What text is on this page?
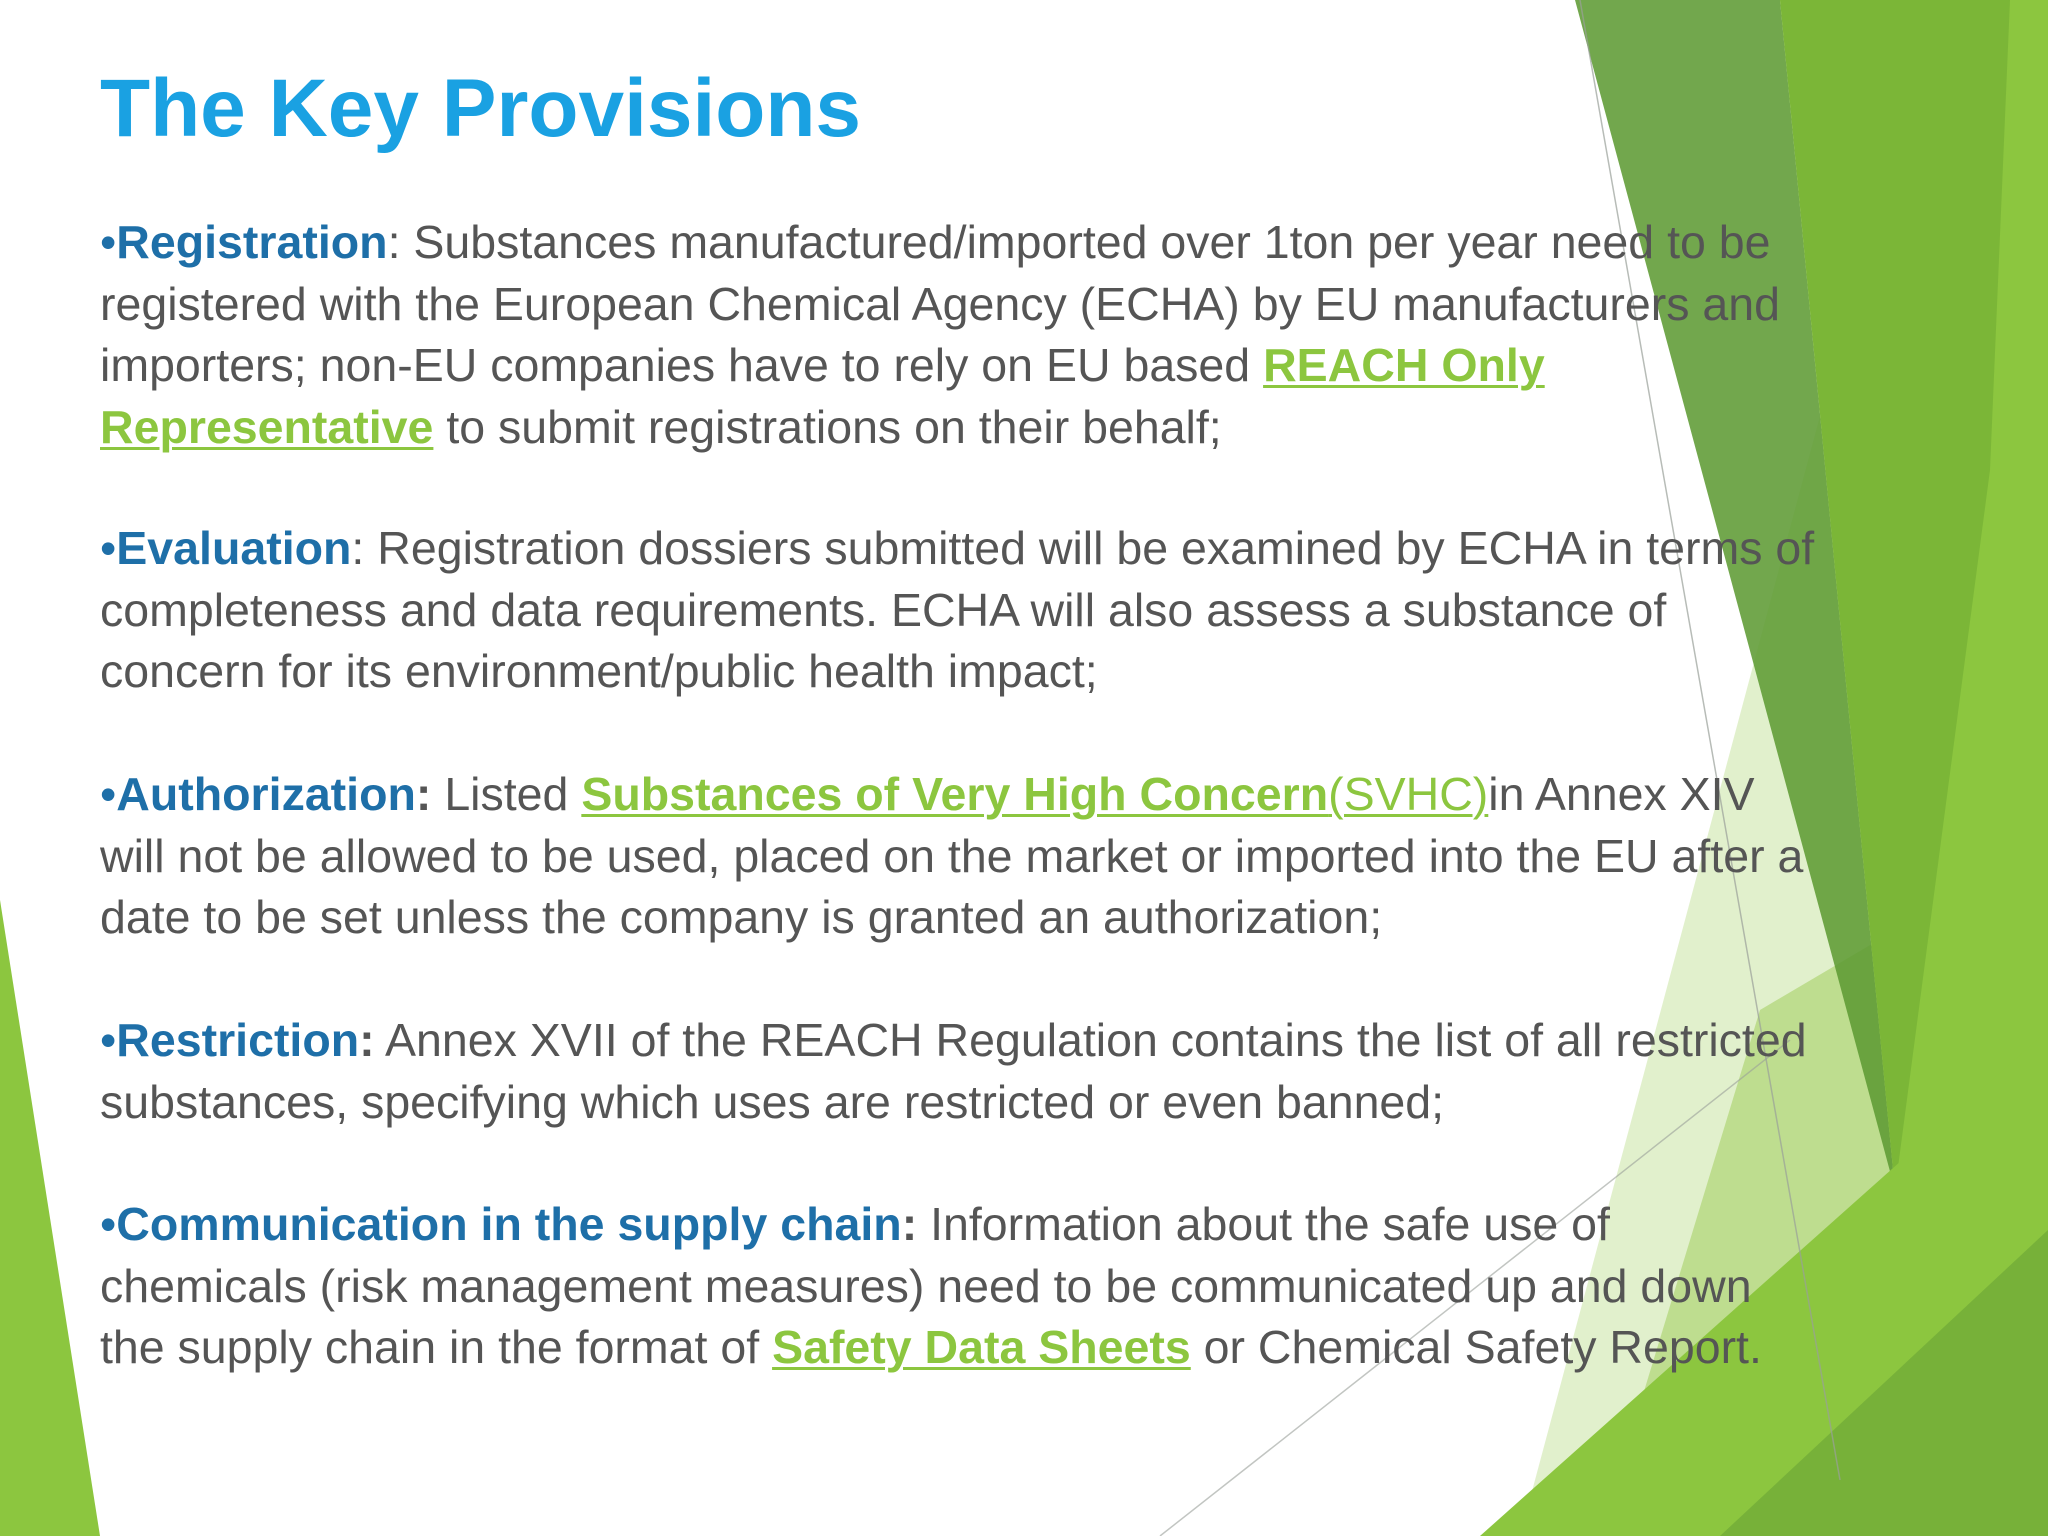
The Key Provisions

•Registration: Substances manufactured/imported over 1ton per year need to be
registered with the European Chemical Agency (ECHA) by EU manufacturers and
importers; non-EU companies have to rely on EU based REACH Only
Representative to submit registrations on their behalf;

•Evaluation: Registration dossiers submitted will be examined by ECHA in terms of
completeness and data requirements. ECHA will also assess a substance of
concern for its environment/public health impact;

•Authorization: Listed Substances of Very High Concern(SVHC)in Annex XIV
will not be allowed to be used, placed on the market or imported into the EU after a
date to be set unless the company is granted an authorization;

•Restriction: Annex XVII of the REACH Regulation contains the list of all restricted
substances, specifying which uses are restricted or even banned;

•Communication in the supply chain: Information about the safe use of
chemicals (risk management measures) need to be communicated up and down
the supply chain in the format of Safety Data Sheets or Chemical Safety Report.
